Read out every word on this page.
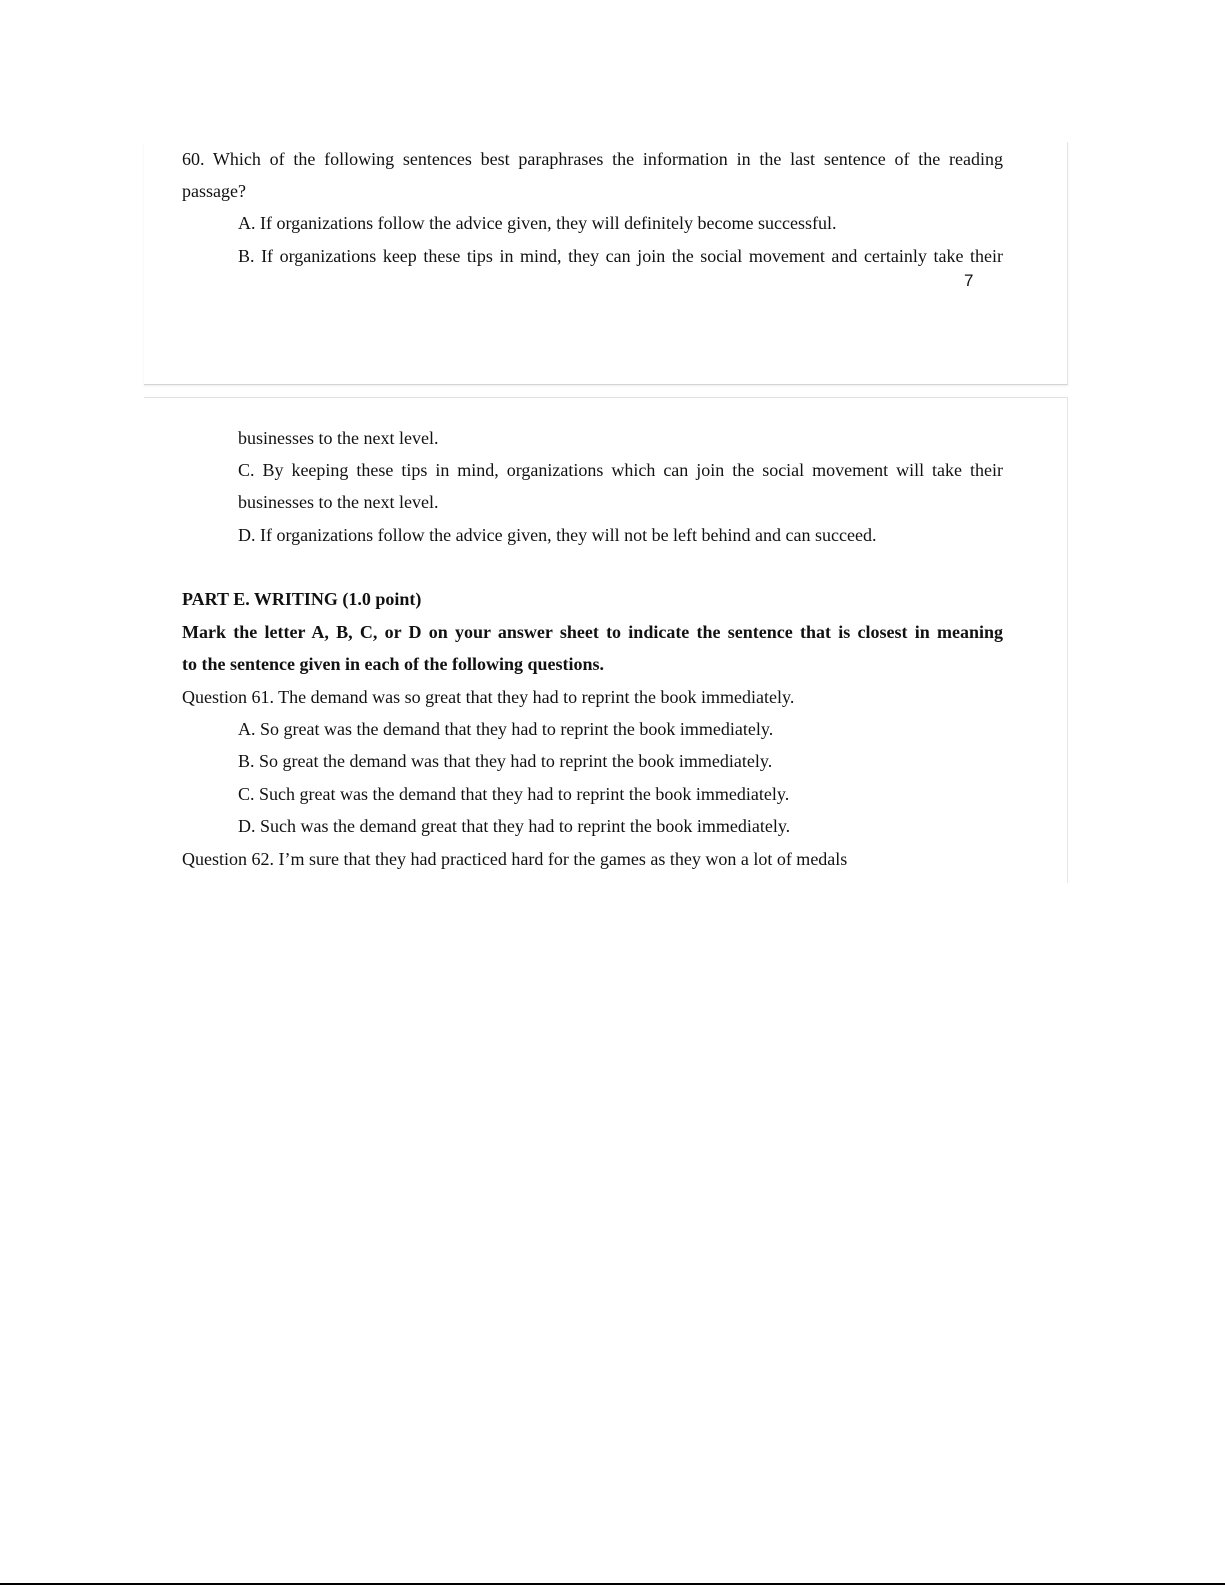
60. Which of the following sentences best paraphrases the information in the last sentence of the reading
passage?
A. If organizations follow the advice given, they will definitely become successful.
B. If organizations keep these tips in mind, they can join the social movement and certainly take their
7
businesses to the next level.
C. By keeping these tips in mind, organizations which can join the social movement will take their
businesses to the next level.
D. If organizations follow the advice given, they will not be left behind and can succeed.
PART E. WRITING (1.0 point)
Mark the letter A, B, C, or D on your answer sheet to indicate the sentence that is closest in meaning
to the sentence given in each of the following questions.
Question 61. The demand was so great that they had to reprint the book immediately.
A. So great was the demand that they had to reprint the book immediately.
B. So great the demand was that they had to reprint the book immediately.
C. Such great was the demand that they had to reprint the book immediately.
D. Such was the demand great that they had to reprint the book immediately.
Question 62. I’m sure that they had practiced hard for the games as they won a lot of medals
